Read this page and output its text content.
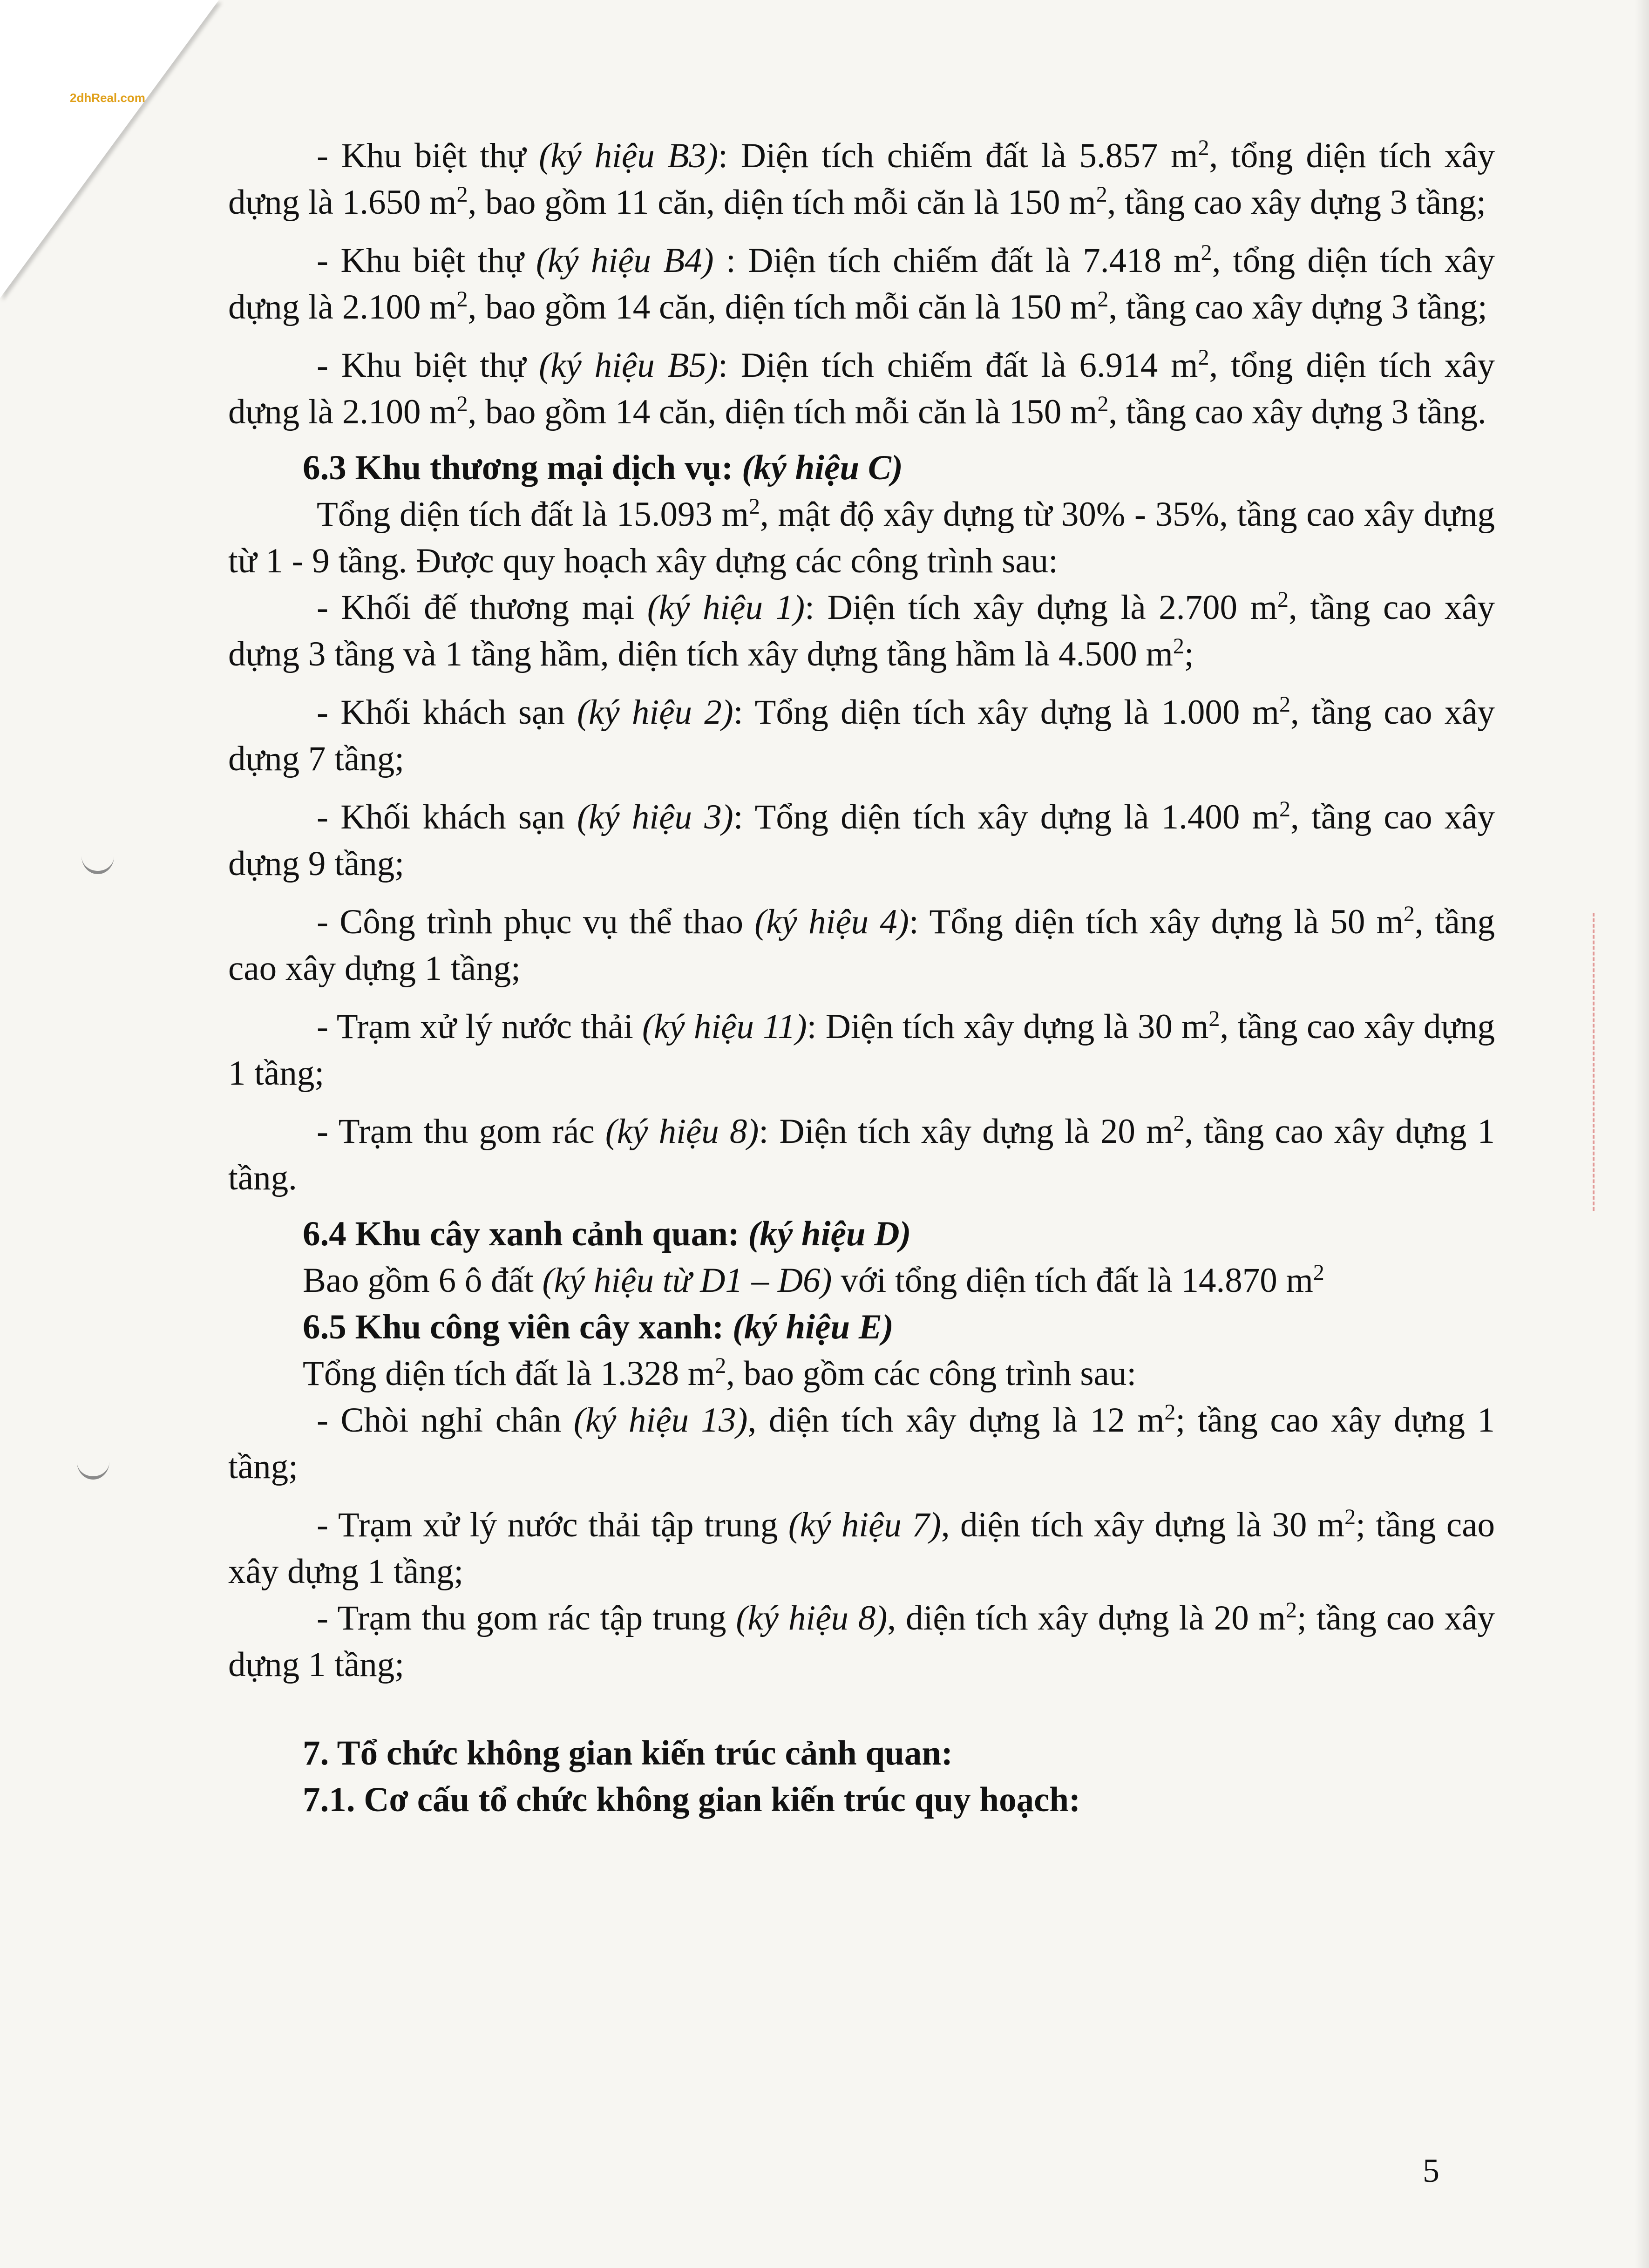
2dhReal.com

- Khu biệt thự (ký hiệu B3): Diện tích chiếm đất là 5.857 $m^2$, tổng diện tích xây dựng là 1.650 $m^2$, bao gồm 11 căn, diện tích mỗi căn là 150 $m^2$, tầng cao xây dựng 3 tầng;

- Khu biệt thự (ký hiệu B4) : Diện tích chiếm đất là 7.418 $m^2$, tổng diện tích xây dựng là 2.100 $m^2$, bao gồm 14 căn, diện tích mỗi căn là 150 $m^2$, tầng cao xây dựng 3 tầng;

- Khu biệt thự (ký hiệu B5): Diện tích chiếm đất là 6.914 $m^2$, tổng diện tích xây dựng là 2.100 $m^2$, bao gồm 14 căn, diện tích mỗi căn là 150 $m^2$, tầng cao xây dựng 3 tầng.

6.3 Khu thương mại dịch vụ: (ký hiệu C)

Tổng diện tích đất là 15.093 $m^2$, mật độ xây dựng từ 30% - 35%, tầng cao xây dựng từ 1 - 9 tầng. Được quy hoạch xây dựng các công trình sau:

- Khối đế thương mại (ký hiệu 1): Diện tích xây dựng là 2.700 $m^2$, tầng cao xây dựng 3 tầng và 1 tầng hầm, diện tích xây dựng tầng hầm là 4.500 $m^2$;

- Khối khách sạn (ký hiệu 2): Tổng diện tích xây dựng là 1.000 $m^2$, tầng cao xây dựng 7 tầng;

- Khối khách sạn (ký hiệu 3): Tổng diện tích xây dựng là 1.400 $m^2$, tầng cao xây dựng 9 tầng;

- Công trình phục vụ thể thao (ký hiệu 4): Tổng diện tích xây dựng là 50 $m^2$, tầng cao xây dựng 1 tầng;

- Trạm xử lý nước thải (ký hiệu 11): Diện tích xây dựng là 30 $m^2$, tầng cao xây dựng 1 tầng;

- Trạm thu gom rác (ký hiệu 8): Diện tích xây dựng là 20 $m^2$, tầng cao xây dựng 1 tầng.

6.4 Khu cây xanh cảnh quan: (ký hiệu D)

Bao gồm 6 ô đất (ký hiệu từ D1 – D6) với tổng diện tích đất là 14.870 $m^2$

6.5 Khu công viên cây xanh: (ký hiệu E)

Tổng diện tích đất là 1.328 $m^2$, bao gồm các công trình sau:

- Chòi nghỉ chân (ký hiệu 13), diện tích xây dựng là 12 $m^2$; tầng cao xây dựng 1 tầng;

- Trạm xử lý nước thải tập trung (ký hiệu 7), diện tích xây dựng là 30 $m^2$; tầng cao xây dựng 1 tầng;

- Trạm thu gom rác tập trung (ký hiệu 8), diện tích xây dựng là 20 $m^2$; tầng cao xây dựng 1 tầng;

7. Tổ chức không gian kiến trúc cảnh quan:

7.1. Cơ cấu tổ chức không gian kiến trúc quy hoạch:

5
